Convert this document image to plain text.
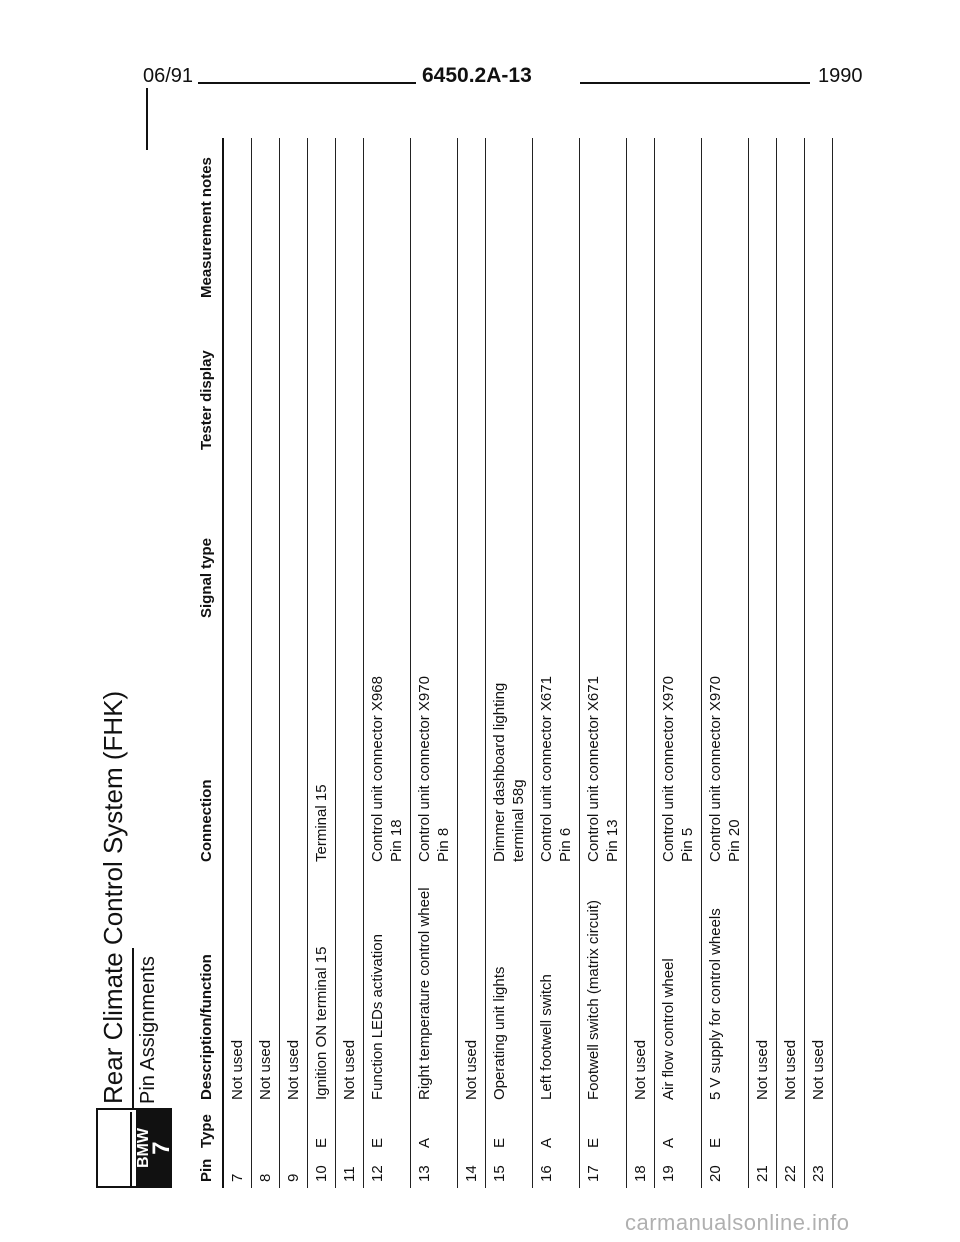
06/91	6450.2A-13	1990
BMW
7
Rear Climate Control System (FHK) Pin Assignments
Pin
Type
Description/function
Connection
Signal type
Tester display
Measurement notes
7
Not used
8
Not used
9
Not used
10
E
Ignition ON terminal 15
Terminal 15
11
Not used
12
E
Function LEDs activation
Control unit connector X968
Pin 18
13
A
Right temperature control wheel
Control unit connector X970
Pin 8
14
Not used
15
E
Operating unit lights
Dimmer dashboard lighting
terminal 58g
16
A
Left footwell switch
Control unit connector X671
Pin 6
17
E
Footwell switch (matrix circuit)
Control unit connector X671
Pin 13
18
Not used
19
A
Air flow control wheel
Control unit connector X970
Pin 5
20
E
5 V supply for control wheels
Control unit connector X970
Pin 20
21
Not used
22
Not used
23
Not used
carmanualsonline.info
